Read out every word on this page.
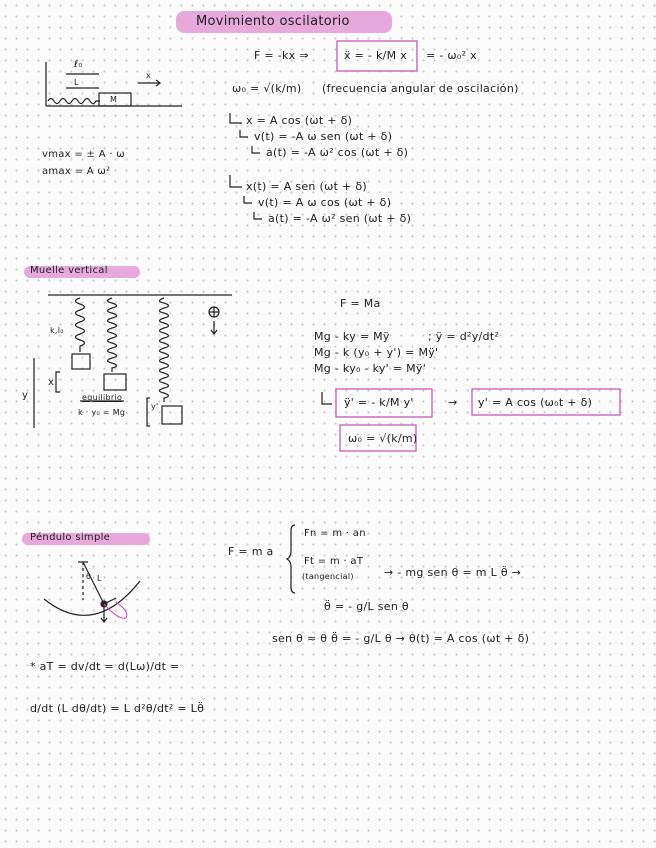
Movimiento oscilatorio
ℓ₀
L
x
M
F = -kx ⇒	ẍ = - k/M x = - ω₀² x
ω₀ = √(k/m) (frecuencia angular de oscilación)
vmax = ± A · ω
amax = A ω²
x = A cos (ωt + δ)
v(t) = -A ω sen (ωt + δ)
a(t) = -A ω² cos (ωt + δ)
x(t) = A sen (ωt + δ)
v(t) = A ω cos (ωt + δ)
a(t) = -A ω² sen (ωt + δ)
Muelle vertical
k,l₀
x
y
y'
equilibrio
k · y₀ = Mg
F = Ma
Mg - ky = Mÿ	; ÿ = d²y/dt²
Mg - k (y₀ + y') = Mÿ'
Mg - ky₀ - ky' = Mÿ'
ÿ' = - k/M y'	→ y' = A cos (ω₀t + δ)
ω₀ = √(k/m)
Péndulo simple
θ L
F = m a
Fn = m · an
Ft = m · aT
(tangencial)	→ - mg sen θ = m L θ̈ →
θ̈ = - g/L sen θ
sen θ ≈ θ θ̈ = - g/L θ → θ(t) = A cos (ωt + δ)
* aT = dv/dt = d(Lω)/dt =
d/dt (L dθ/dt) = L d²θ/dt² = Lθ̈
